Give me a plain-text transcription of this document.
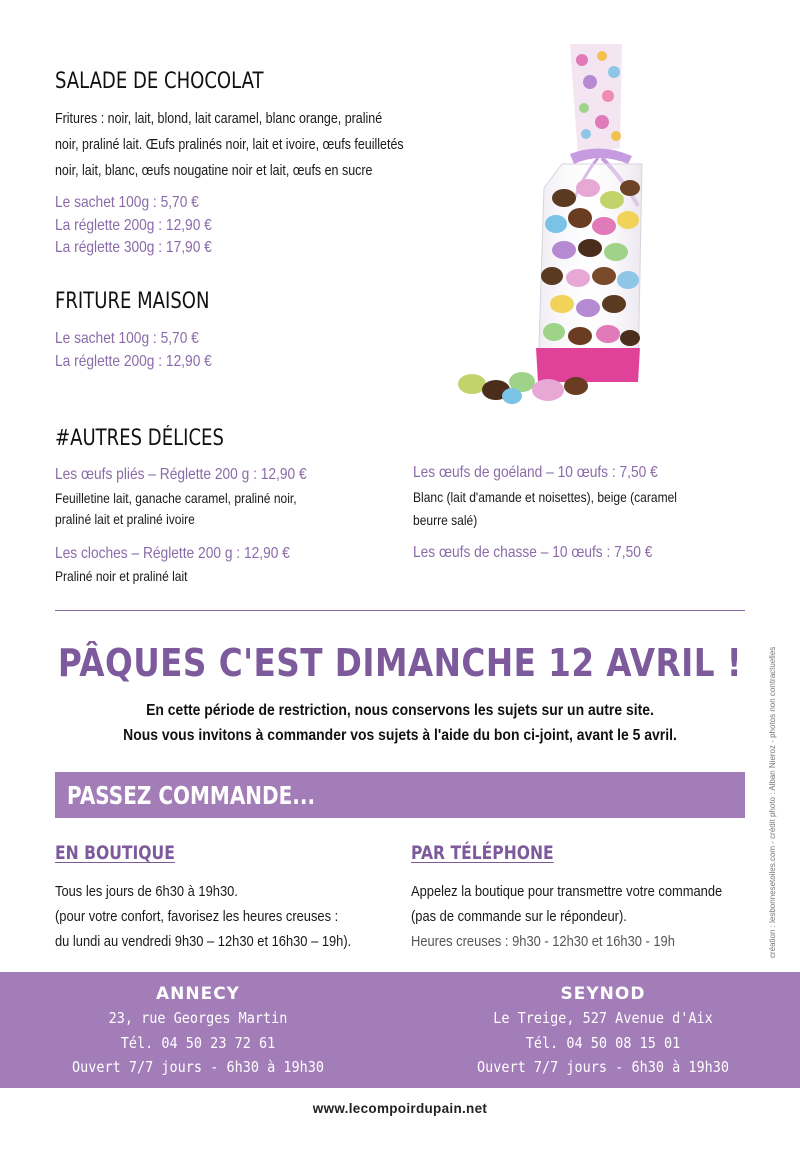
SALADE DE CHOCOLAT
Fritures : noir, lait, blond, lait caramel, blanc orange, praliné
noir, praliné lait. Œufs pralinés noir, lait et ivoire, œufs feuilletés
noir, lait, blanc, œufs nougatine noir et lait, œufs en sucre
Le sachet 100g : 5,70 €
La réglette 200g : 12,90 €
La réglette 300g : 17,90 €
FRITURE MAISON
Le sachet 100g : 5,70 €
La réglette 200g : 12,90 €
#AUTRES DÉLICES
Les œufs pliés – Réglette 200 g : 12,90 €
Feuilletine lait, ganache caramel, praliné noir,
praliné lait et praliné ivoire
Les cloches – Réglette 200 g : 12,90 €
Praliné noir et praliné lait
Les œufs de goéland – 10 œufs : 7,50 €
Blanc (lait d'amande et noisettes), beige (caramel
beurre salé)
Les œufs de chasse – 10 œufs : 7,50 €
PÂQUES C'EST DIMANCHE 12 AVRIL !
En cette période de restriction, nous conservons les sujets sur un autre site.
Nous vous invitons à commander vos sujets à l'aide du bon ci-joint, avant le 5 avril.
PASSEZ COMMANDE...
EN BOUTIQUE
Tous les jours de 6h30 à 19h30.
(pour votre confort, favorisez les heures creuses :
du lundi au vendredi 9h30 – 12h30 et 16h30 – 19h).
PAR TÉLÉPHONE
Appelez la boutique pour transmettre votre commande
(pas de commande sur le répondeur).
Heures creuses : 9h30 - 12h30 et 16h30 - 19h	création : lesbonnesetoiles.com - crédit photo : Alban Nieroz - photos non contractuelles
ANNECY
23, rue Georges Martin
Tél. 04 50 23 72 61
Ouvert 7/7 jours - 6h30 à 19h30
SEYNOD
Le Treige, 527 Avenue d'Aix
Tél. 04 50 08 15 01
Ouvert 7/7 jours - 6h30 à 19h30
www.lecompoirdupain.net
